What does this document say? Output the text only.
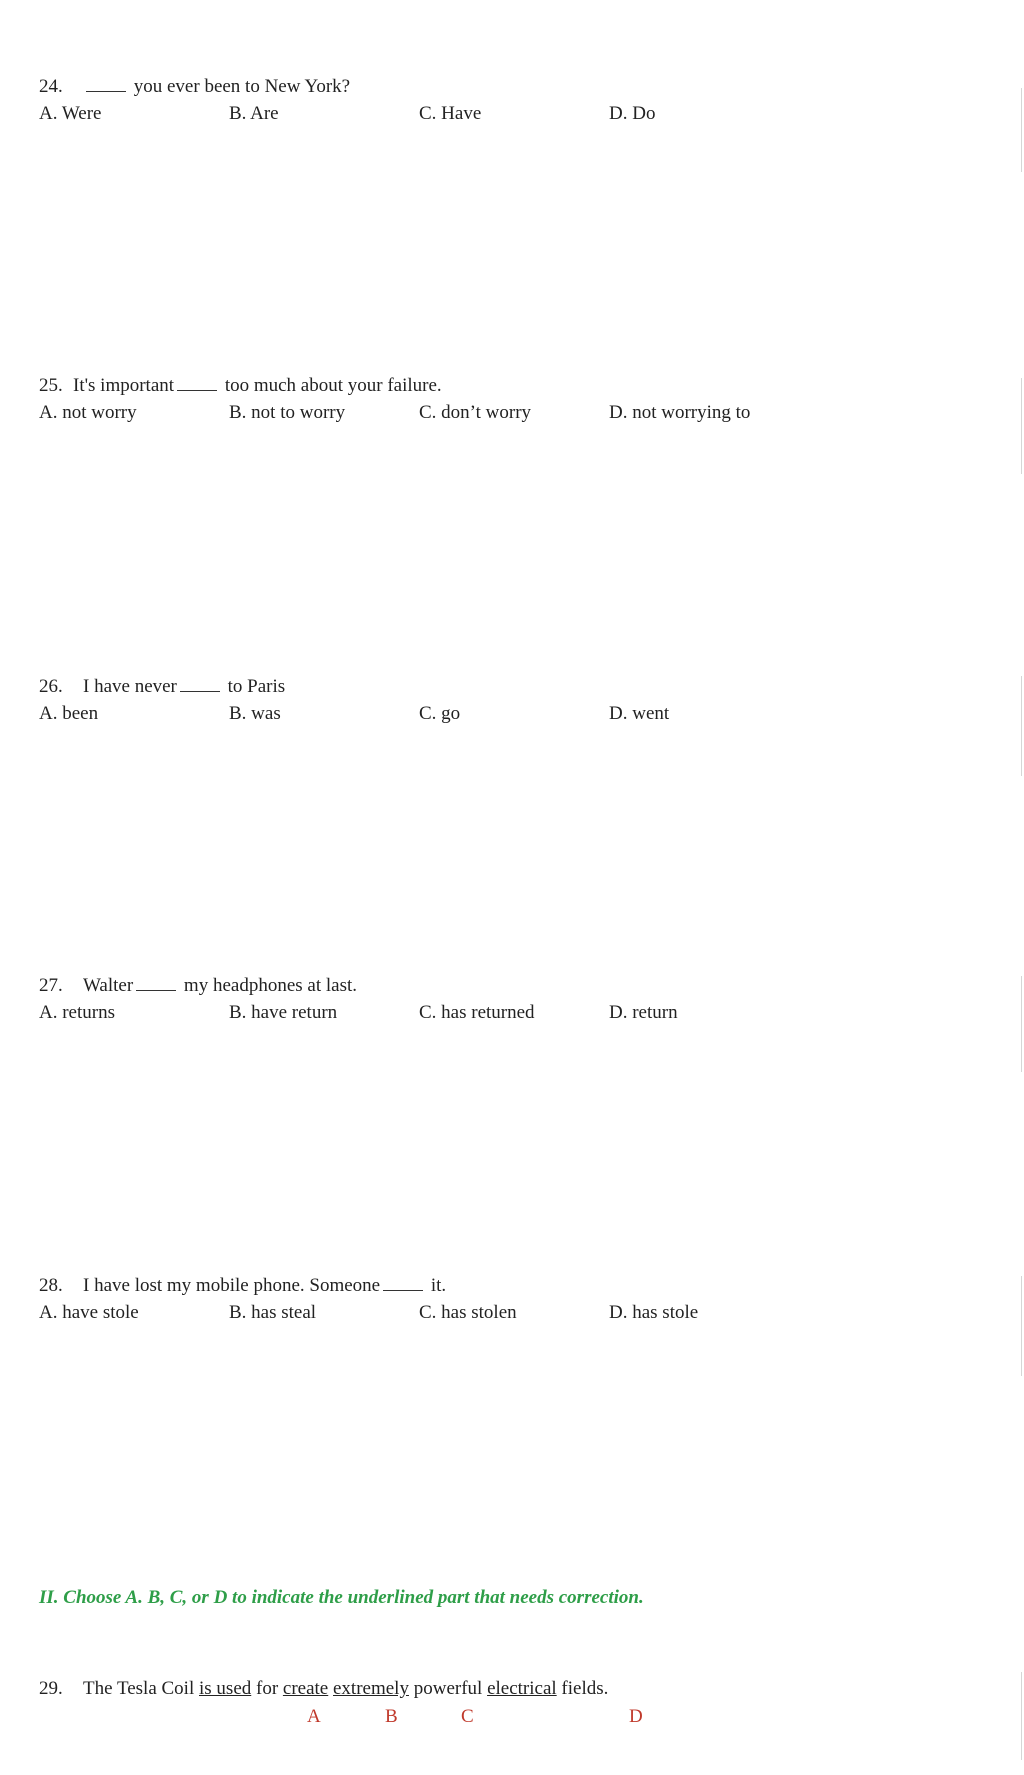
24.	you ever been to New York?
A. Were	B. Are	C. Have	D. Do
25. It's important	too much about your failure.
A. not worry	B. not to worry	C. don’t worry	D. not worrying to
26. I have never	to Paris
A. been	B. was	C. go	D. went
27. Walter	my headphones at last.
A. returns	B. have return	C. has returned	D. return
28. I have lost my mobile phone. Someone	it.
A. have stole	B. has steal	C. has stolen	D. has stole
II. Choose A. B, C, or D to indicate the underlined part that needs correction.
29. The Tesla Coil is used for create extremely powerful electrical fields.
A	B	C	D
